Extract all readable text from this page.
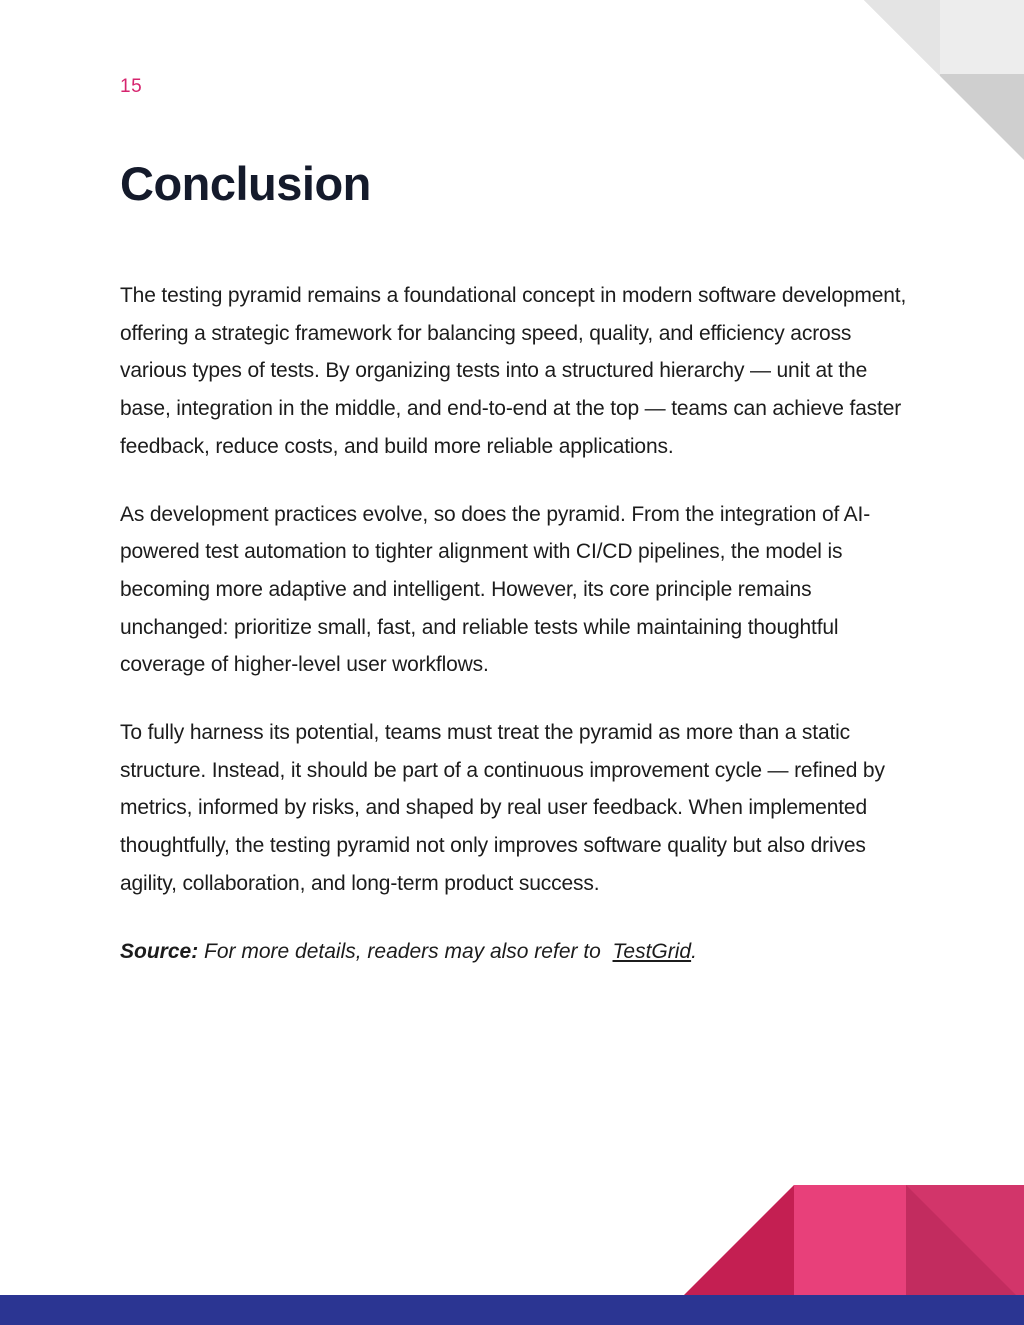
15
Conclusion

The testing pyramid remains a foundational concept in modern software development, offering a strategic framework for balancing speed, quality, and efficiency across various types of tests. By organizing tests into a structured hierarchy — unit at the base, integration in the middle, and end-to-end at the top — teams can achieve faster feedback, reduce costs, and build more reliable applications.

As development practices evolve, so does the pyramid. From the integration of AI-powered test automation to tighter alignment with CI/CD pipelines, the model is becoming more adaptive and intelligent. However, its core principle remains unchanged: prioritize small, fast, and reliable tests while maintaining thoughtful coverage of higher-level user workflows.

To fully harness its potential, teams must treat the pyramid as more than a static structure. Instead, it should be part of a continuous improvement cycle — refined by metrics, informed by risks, and shaped by real user feedback. When implemented thoughtfully, the testing pyramid not only improves software quality but also drives agility, collaboration, and long-term product success.

Source: For more details, readers may also refer to  TestGrid.
